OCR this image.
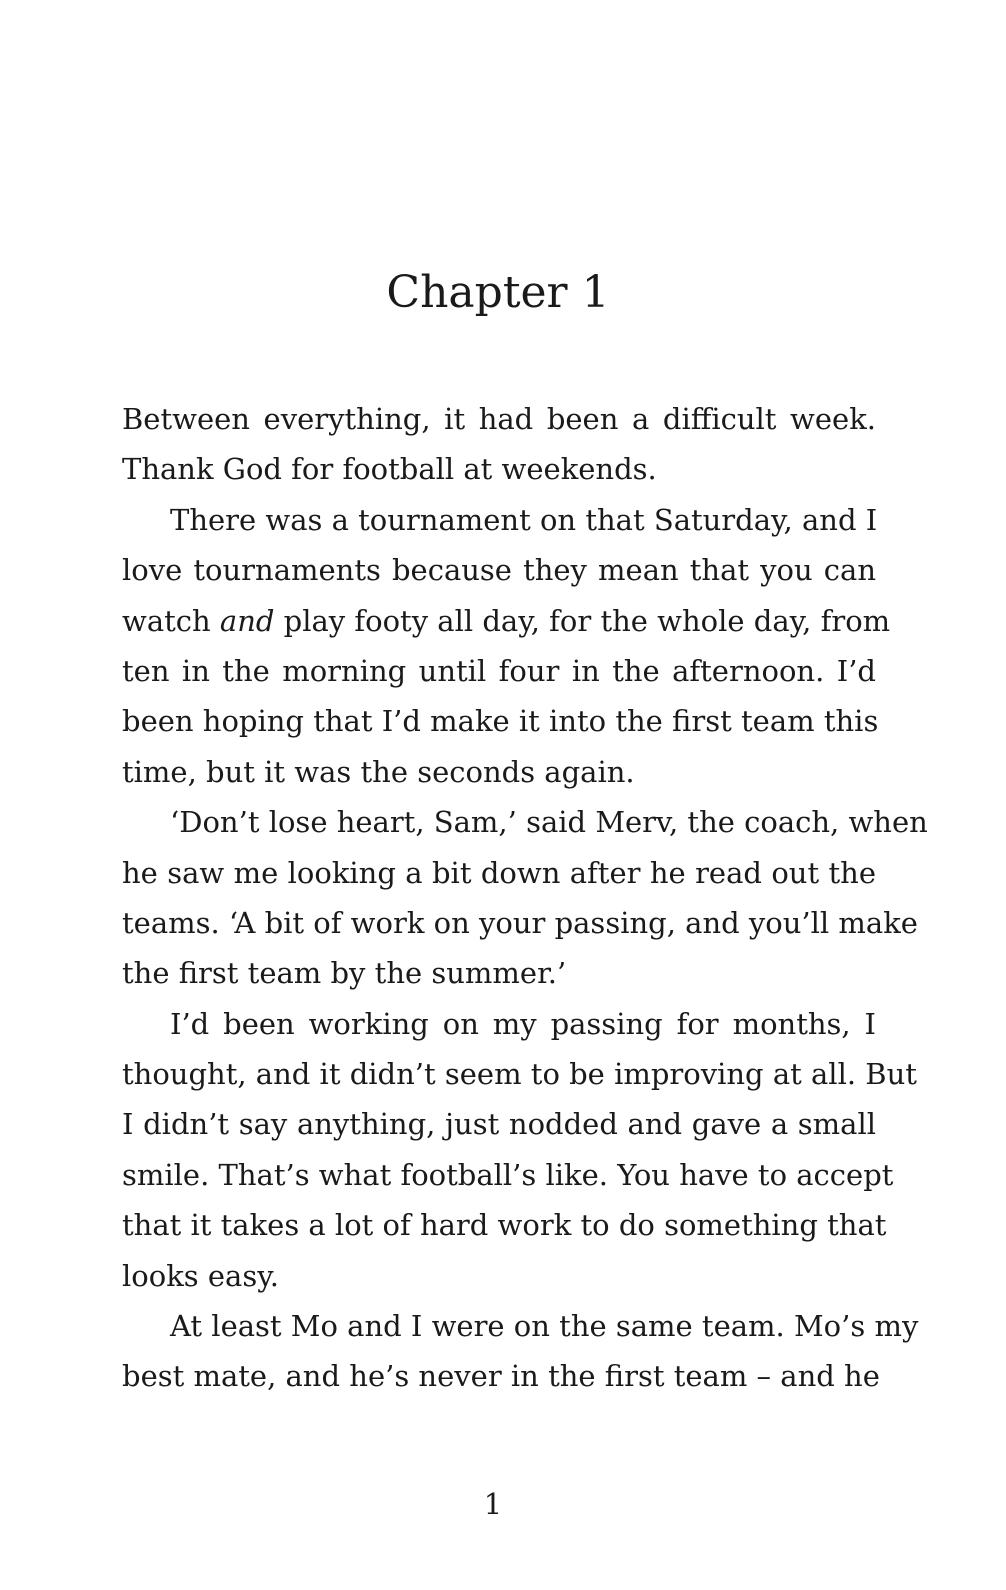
Chapter 1
Between everything, it had been a difficult week.
Thank God for football at weekends.
There was a tournament on that Saturday, and I
love tournaments because they mean that you can
watch and play footy all day, for the whole day, from
ten in the morning until four in the afternoon. I’d
been hoping that I’d make it into the first team this
time, but it was the seconds again.
‘Don’t lose heart, Sam,’ said Merv, the coach, when
he saw me looking a bit down after he read out the
teams. ‘A bit of work on your passing, and you’ll make
the first team by the summer.’
I’d been working on my passing for months, I
thought, and it didn’t seem to be improving at all. But
I didn’t say anything, just nodded and gave a small
smile. That’s what football’s like. You have to accept
that it takes a lot of hard work to do something that
looks easy.
At least Mo and I were on the same team. Mo’s my
best mate, and he’s never in the first team – and he
1
